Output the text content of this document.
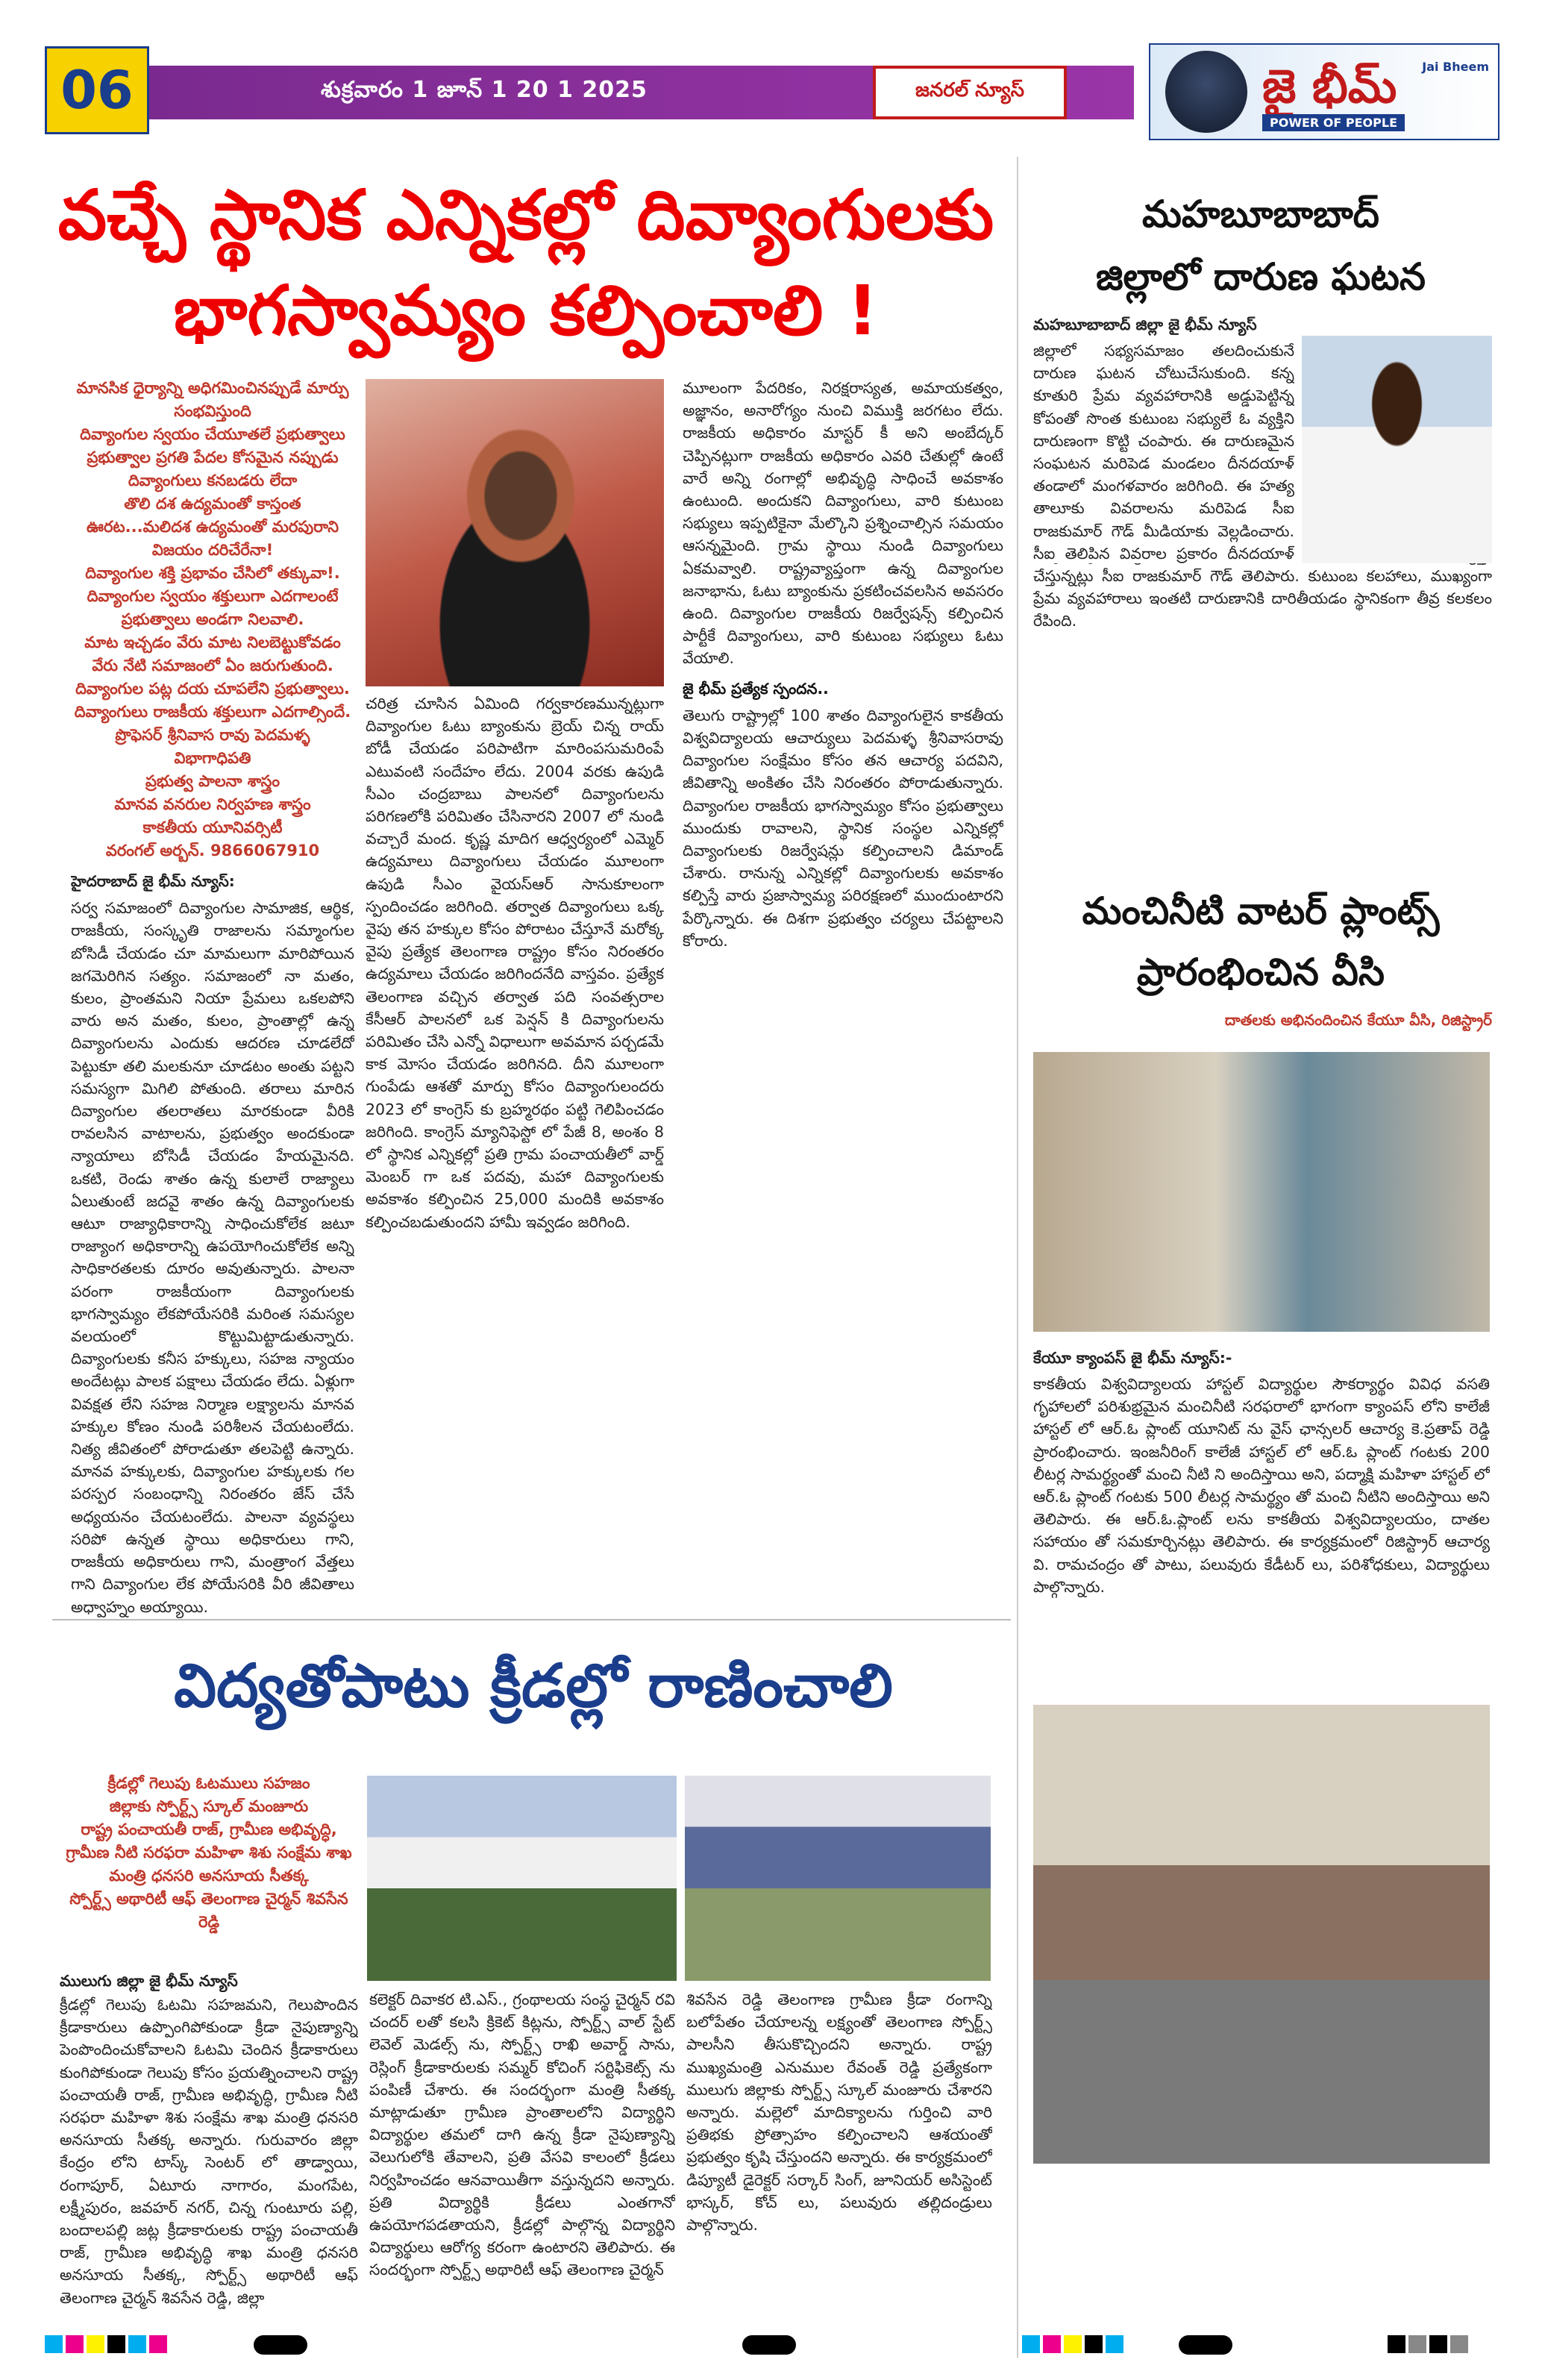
06	శుక్రవారం 1 జూన్ 1 20 1 2025	జనరల్ న్యూస్	జై భీమ్
POWER OF PEOPLE
Jai Bheem
వచ్చే స్థానిక ఎన్నికల్లో దివ్యాంగులకు
భాగస్వామ్యం కల్పించాలి !
మానసిక ధైర్యాన్ని అధిగమించినప్పుడే మార్పు సంభవిస్తుంది
దివ్యాంగుల స్వయం చేయూతలే ప్రభుత్వాలు ప్రభుత్వాల ప్రగతి పేదల కోసమైన నప్పుడు దివ్యాంగులు కనబడరు లేదా
తొలి దశ ఉద్యమంతో కాస్తంత ఊరట...మలిదశ ఉద్యమంతో మరపురాని విజయం దరిచేరేనా!
దివ్యాంగుల శక్తి ప్రభావం చేసిలో తక్కువా!.
దివ్యాంగుల స్వయం శక్తులుగా ఎదగాలంటే ప్రభుత్వాలు అండగా నిలవాలి.
మాట ఇచ్చడం వేరు మాట నిలబెట్టుకోవడం వేరు నేటి సమాజంలో ఏం జరుగుతుంది.
దివ్యాంగుల పట్ల దయ చూపలేని ప్రభుత్వాలు.
దివ్యాంగులు రాజకీయ శక్తులుగా ఎదగాల్సిందే.
ప్రొఫెసర్ శ్రీనివాస రావు పెదమళ్ళ
విభాగాధిపతి
ప్రభుత్వ పాలనా శాస్త్రం
మానవ వనరుల నిర్వహణ శాస్త్రం
కాకతీయ యూనివర్సిటీ
వరంగల్ అర్బన్. 9866067910
హైదరాబాద్ జై భీమ్ న్యూస్:

సర్వ సమాజంలో దివ్యాంగుల సామాజిక, ఆర్థిక, రాజకీయ, సంస్కృతి రాజాలను సమ్మాంగుల బోసిడీ చేయడం చూ మామలుగా మారిపోయిన జగమెరిగిన సత్యం. సమాజంలో నా మతం, కులం, ప్రాంతమని నియా ప్రేమలు ఒకలపోని వారు అన మతం, కులం, ప్రాంతాల్లో ఉన్న దివ్యాంగులను ఎందుకు ఆదరణ చూడలేదో పెట్టుకూ తలి మలకునూ చూడటం అంతు పట్టని సమస్యగా మిగిలి పోతుంది. తరాలు మారిన దివ్యాంగుల తలరాతలు మారకుండా వీరికి రావలసిన వాటాలను, ప్రభుత్వం అందకుండా న్యాయాలు బోసిడీ చేయడం హేయమైనది. ఒకటి, రెండు శాతం ఉన్న కులాలే రాజ్యాలు ఏలుతుంటే జదవై శాతం ఉన్న దివ్యాంగులకు ఆటూ రాజ్యాధికారాన్ని సాధించుకోలేక జటూ రాజ్యాంగ అధికారాన్ని ఉపయోగించుకోలేక అన్ని సాధికారతలకు దూరం అవుతున్నారు. పాలనా పరంగా రాజకీయంగా దివ్యాంగులకు భాగస్వామ్యం లేకపోయేసరికి మరింత సమస్యల వలయంలో కొట్టుమిట్టాడుతున్నారు. దివ్యాంగులకు కనీస హక్కులు, సహజ న్యాయం అందేటట్లు పాలక పక్షాలు చేయడం లేదు. ఏళ్లుగా వివక్షత లేని సహజ నిర్మాణ లక్ష్యాలను మానవ హక్కుల కోణం నుండి పరిశీలన చేయటంలేదు. నిత్య జీవితంలో పోరాడుతూ తలపెట్టి ఉన్నారు. మానవ హక్కులకు, దివ్యాంగుల హక్కులకు గల పరస్పర సంబంధాన్ని నిరంతరం జేస్ చేసే అధ్యయనం చేయటంలేదు. పాలనా వ్యవస్థలు సరిపో ఉన్నత స్థాయి అధికారులు గాని, రాజకీయ అధికారులు గాని, మంత్రాంగ వేత్తలు గాని దివ్యాంగుల లేక పోయేసరికి వీరి జీవితాలు అధ్వాహ్నం అయ్యాయి.

చరిత్ర చూసిన ఏమింది గర్వకారణమున్నట్లుగా దివ్యాంగుల ఓటు బ్యాంకును బ్రెయ్ చిన్న రాయ్ బోడీ చేయడం పరిపాటిగా మారింపసుమరింపే ఎటువంటి సందేహం లేదు. 2004 వరకు ఉపుడి సీఎం చంద్రబాబు పాలనలో దివ్యాంగులను పరిగణలోకి పరిమితం చేసినారని 2007 లో నుండి వచ్చారే మంద. కృష్ణ మాదిగ ఆధ్వర్యంలో ఎమ్మెర్ ఉద్యమాలు దివ్యాంగులు చేయడం మూలంగా ఉపుడి సీఎం వైయస్‌ఆర్ సానుకూలంగా స్పందించడం జరిగింది. తర్వాత దివ్యాంగులు ఒక్క వైపు తన హక్కుల కోసం పోరాటం చేస్తూనే మరోక్క వైపు ప్రత్యేక తెలంగాణ రాష్ట్రం కోసం నిరంతరం ఉద్యమాలు చేయడం జరిగిందనేది వాస్తవం. ప్రత్యేక తెలంగాణ వచ్చిన తర్వాత పది సంవత్సరాల కేసీఆర్ పాలనలో ఒక పెన్షన్ కి దివ్యాంగులను పరిమితం చేసి ఎన్నో విధాలుగా అవమాన పర్చడమే కాక మోసం చేయడం జరిగినది. దీని మూలంగా గుంపేడు ఆశతో మార్పు కోసం దివ్యాంగులందరు 2023 లో కాంగ్రెస్ కు బ్రహ్మరథం పట్టి గెలిపించడం జరిగింది. కాంగ్రెస్ మ్యానిఫెస్టో లో పేజీ 8, అంశం 8 లో స్థానిక ఎన్నికల్లో ప్రతి గ్రామ పంచాయతీలో వార్డ్ మెంబర్ గా ఒక పదవు, మహా దివ్యాంగులకు అవకాశం కల్పించిన 25,000 మందికి అవకాశం కల్పించబడుతుందని హామీ ఇవ్వడం జరిగింది.

మూలంగా పేదరికం, నిరక్షరాస్యత, అమాయకత్వం, అజ్ఞానం, అనారోగ్యం నుంచి విముక్తి జరగటం లేదు. రాజకీయ అధికారం మాస్టర్ కీ అని అంబేద్కర్ చెప్పినట్లుగా రాజకీయ అధికారం ఎవరి చేతుల్లో ఉంటే వారే అన్ని రంగాల్లో అభివృద్ధి సాధించే అవకాశం ఉంటుంది. అందుకని దివ్యాంగులు, వారి కుటుంబ సభ్యులు ఇప్పటికైనా మేల్కొని ప్రశ్నించాల్సిన సమయం ఆసన్నమైంది. గ్రామ స్థాయి నుండి దివ్యాంగులు ఏకమవ్వాలి. రాష్ట్రవ్యాప్తంగా ఉన్న దివ్యాంగుల జనాభాను, ఓటు బ్యాంకును ప్రకటించవలసిన అవసరం ఉంది. దివ్యాంగుల రాజకీయ రిజర్వేషన్స్ కల్పించిన పార్టీకే దివ్యాంగులు, వారి కుటుంబ సభ్యులు ఓటు వేయాలి.

జై భీమ్ ప్రత్యేక స్పందన..

తెలుగు రాష్ట్రాల్లో 100 శాతం దివ్యాంగులైన కాకతీయ విశ్వవిద్యాలయ ఆచార్యులు పెదమళ్ళ శ్రీనివాసరావు దివ్యాంగుల సంక్షేమం కోసం తన ఆచార్య పదవిని, జీవితాన్ని అంకితం చేసి నిరంతరం పోరాడుతున్నారు. దివ్యాంగుల రాజకీయ భాగస్వామ్యం కోసం ప్రభుత్వాలు ముందుకు రావాలని, స్థానిక సంస్థల ఎన్నికల్లో దివ్యాంగులకు రిజర్వేషన్లు కల్పించాలని డిమాండ్ చేశారు. రానున్న ఎన్నికల్లో దివ్యాంగులకు అవకాశం కల్పిస్తే వారు ప్రజాస్వామ్య పరిరక్షణలో ముందుంటారని పేర్కొన్నారు. ఈ దిశగా ప్రభుత్వం చర్యలు చేపట్టాలని కోరారు.

మహబూబాబాద్
జిల్లాలో దారుణ ఘటన
మహబూబాబాద్ జిల్లా జై భీమ్ న్యూస్

జిల్లాలో సభ్యసమాజం తలదించుకునే దారుణ ఘటన చోటుచేసుకుంది. కన్న కూతురి ప్రేమ వ్యవహారానికి అడ్డుపెట్టిన్న కోపంతో సొంత కుటుంబ సభ్యులే ఓ వ్యక్తిని దారుణంగా కొట్టి చంపారు. ఈ దారుణమైన సంఘటన మరిపెడ మండలం దీనదయాళ్ తండాలో మంగళవారం జరిగింది. ఈ హత్య తాలూకు వివరాలను మరిపెడ సీఐ రాజకుమార్ గౌడ్ మీడియాకు వెల్లడించారు. సీఐ తెలిపిన వివరాల ప్రకారం దీనదయాళ్

చేస్తున్నట్లు సీఐ రాజకుమార్ గౌడ్ తెలిపారు. కుటుంబ కలహాలు, ముఖ్యంగా ప్రేమ వ్యవహారాలు ఇంతటి దారుణానికి దారితీయడం స్థానికంగా తీవ్ర కలకలం రేపింది.

మంచినీటి వాటర్ ప్లాంట్స్
ప్రారంభించిన వీసి
దాతలకు అభినందించిన కేయూ వీసి, రిజిస్ట్రార్
కేయూ క్యాంపస్ జై భీమ్ న్యూస్:-

కాకతీయ విశ్వవిద్యాలయ హాస్టల్ విద్యార్థుల సౌకర్యార్థం వివిధ వసతి గృహాలలో పరిశుభ్రమైన మంచినీటి సరఫరాలో భాగంగా క్యాంపస్ లోని కాలేజీ హాస్టల్ లో ఆర్.ఓ ప్లాంట్ యూనిట్ ను వైస్ ఛాన్సలర్ ఆచార్య కె.ప్రతాప్ రెడ్డి ప్రారంభించారు. ఇంజనీరింగ్ కాలేజీ హాస్టల్ లో ఆర్.ఓ ప్లాంట్ గంటకు 200 లీటర్ల సామర్థ్యంతో మంచి నీటి ని అందిస్తాయి అని, పద్మాక్షి మహిళా హాస్టల్ లో ఆర్.ఓ ప్లాంట్ గంటకు 500 లీటర్ల సామర్థ్యం తో మంచి నీటిని అందిస్తాయి అని తెలిపారు. ఈ ఆర్.ఓ.ప్లాంట్ లను కాకతీయ విశ్వవిద్యాలయం, దాతల సహాయం తో సమకూర్చినట్లు తెలిపారు. ఈ కార్యక్రమంలో రిజిస్ట్రార్ ఆచార్య వి. రామచంద్రం తో పాటు, పలువురు కేడీటర్ లు, పరిశోధకులు, విద్యార్థులు పాల్గొన్నారు.

విద్యతోపాటు క్రీడల్లో రాణించాలి
క్రీడల్లో గెలుపు ఓటములు సహజం
జిల్లాకు స్పోర్ట్స్ స్కూల్ మంజూరు
రాష్ట్ర పంచాయతీ రాజ్, గ్రామీణ అభివృద్ధి, గ్రామీణ నీటి సరఫరా మహిళా శిశు సంక్షేమ శాఖ మంత్రి ధనసరి అనసూయ సీతక్క
స్పోర్ట్స్ అథారిటీ ఆఫ్ తెలంగాణ చైర్మన్ శివసేన రెడ్డి
ములుగు జిల్లా జై భీమ్ న్యూస్

క్రీడల్లో గెలుపు ఓటమి సహజమని, గెలుపొందిన క్రీడాకారులు ఉప్పొంగిపోకుండా క్రీడా నైపుణ్యాన్ని పెంపొందించుకోవాలని ఓటమి చెందిన క్రీడాకారులు కుంగిపోకుండా గెలుపు కోసం ప్రయత్నించాలని రాష్ట్ర పంచాయతీ రాజ్, గ్రామీణ అభివృద్ధి, గ్రామీణ నీటి సరఫరా మహిళా శిశు సంక్షేమ శాఖ మంత్రి ధనసరి అనసూయ సీతక్క అన్నారు. గురువారం జిల్లా కేంద్రం లోని టాస్క్ సెంటర్ లో తాడ్వాయి, రంగాపూర్, ఏటూరు నాగారం, మంగపేట, లక్ష్మీపురం, జవహర్ నగర్, చిన్న గుంటూరు పల్లి, బందాలపల్లి జట్ల క్రీడాకారులకు రాష్ట్ర పంచాయతీ రాజ్, గ్రామీణ అభివృద్ధి శాఖ మంత్రి ధనసరి అనసూయ సీతక్క, స్పోర్ట్స్ అథారిటీ ఆఫ్ తెలంగాణ చైర్మన్ శివసేన రెడ్డి, జిల్లా

కలెక్టర్ దివాకర టి.ఎస్., గ్రంథాలయ సంస్థ చైర్మన్ రవి చందర్ లతో కలసి క్రికెట్ కిట్లను, స్పోర్ట్స్ వాల్ స్టేట్ లెవెల్ మెడల్స్ ను, స్పోర్ట్స్ రాఖి అవార్డ్ సాను, రెస్లింగ్ క్రీడాకారులకు సమ్మర్ కోచింగ్ సర్టిఫికెట్స్ ను పంపిణీ చేశారు. ఈ సందర్భంగా మంత్రి సీతక్క మాట్లాడుతూ గ్రామీణ ప్రాంతాలలోని విద్యార్థిని విద్యార్థుల తమలో దాగి ఉన్న క్రీడా నైపుణ్యాన్ని వెలుగులోకి తేవాలని, ప్రతి వేసవి కాలంలో క్రీడలు నిర్వహించడం ఆనవాయితీగా వస్తున్నదని అన్నారు. ప్రతి విద్యార్థికి క్రీడలు ఎంతగానో ఉపయోగపడతాయని, క్రీడల్లో పాల్గొన్న విద్యార్థిని విద్యార్థులు ఆరోగ్య కరంగా ఉంటారని తెలిపారు. ఈ సందర్భంగా స్పోర్ట్స్ అథారిటీ ఆఫ్ తెలంగాణ చైర్మన్

శివసేన రెడ్డి తెలంగాణ గ్రామీణ క్రీడా రంగాన్ని బలోపేతం చేయాలన్న లక్ష్యంతో తెలంగాణ స్పోర్ట్స్ పాలసీని తీసుకొచ్చిందని అన్నారు. రాష్ట్ర ముఖ్యమంత్రి ఎనుముల రేవంత్ రెడ్డి ప్రత్యేకంగా ములుగు జిల్లాకు స్పోర్ట్స్ స్కూల్ మంజూరు చేశారని అన్నారు. మల్లెలో మాదిక్యాలను గుర్తించి వారి ప్రతిభకు ప్రోత్సాహం కల్పించాలని ఆశయంతో ప్రభుత్వం కృషి చేస్తుందని అన్నారు. ఈ కార్యక్రమంలో డిప్యూటీ డైరెక్టర్ సర్కార్ సింగ్, జూనియర్ అసిస్టెంట్ భాస్కర్, కోచ్ లు, పలువురు తల్లిదండ్రులు పాల్గొన్నారు.
